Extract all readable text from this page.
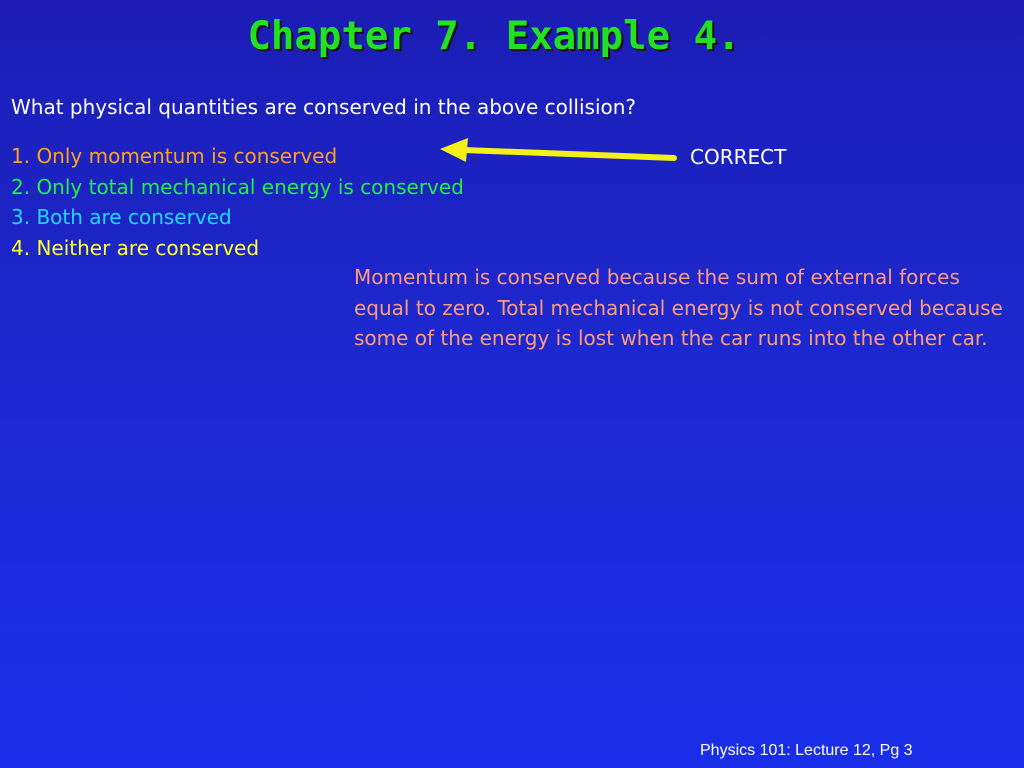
Chapter 7. Example 4.
What physical quantities are conserved in the above collision?
1. Only momentum is conserved
2. Only total mechanical energy is conserved
3. Both are conserved
4. Neither are conserved
CORRECT
Momentum is conserved because the sum of external forces equal to zero. Total mechanical energy is not conserved because some of the energy is lost when the car runs into the other car.
Physics 101: Lecture 12, Pg 3
